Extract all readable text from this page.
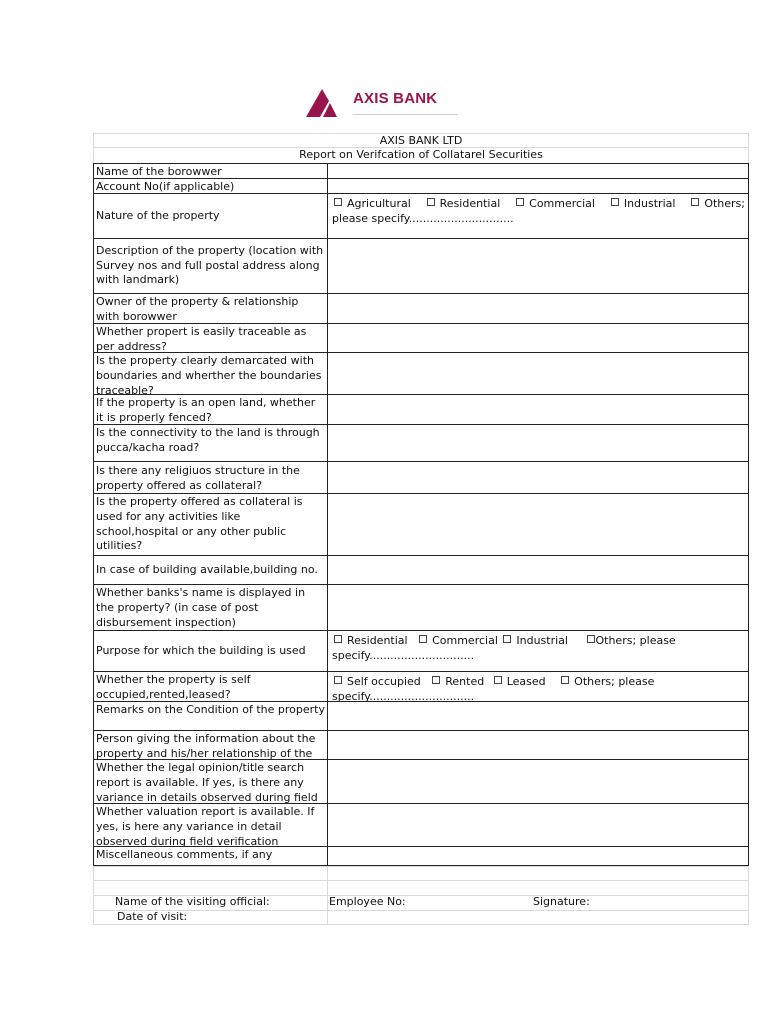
AXIS BANK
AXIS BANK LTD
Report on Verifcation of Collatarel Securities
Name of the borowwer
Account No(if applicable)
Nature of the property
Agricultural	Residential	Commercial	Industrial	Others;
please specify..............................
Description of the property (location with Survey nos and full postal address along with landmark)
Owner of the property & relationship with borowwer
Whether propert is easily traceable as per address?
Is the property clearly demarcated with boundaries and wherther the boundaries traceable?
If the property is an open land, whether it is properly fenced?
Is the connectivity to the land is through pucca/kacha road?
Is there any religiuos structure in the property offered as collateral?
Is the property offered as collateral is used for any activities like school,hospital or any other public utilities?
In case of building available,building no.
Whether banks's name is displayed in the property? (in case of post disbursement inspection)
Purpose for which the building is used
Residential Commercial Industrial	Others; please
specify..............................
Whether the property is self occupied,rented,leased?
Self occupied Rented Leased	Others; please
specify..............................
Remarks on the Condition of the property
Person giving the information about the property and his/her relationship of the
Whether the legal opinion/title search report is available. If yes, is there any variance in details observed during field
Whether valuation report is available. If yes, is here any variance in detail observed during field verification
Miscellaneous comments, if any
Name of the visiting official:	Employee No:	Signature:
Date of visit:
